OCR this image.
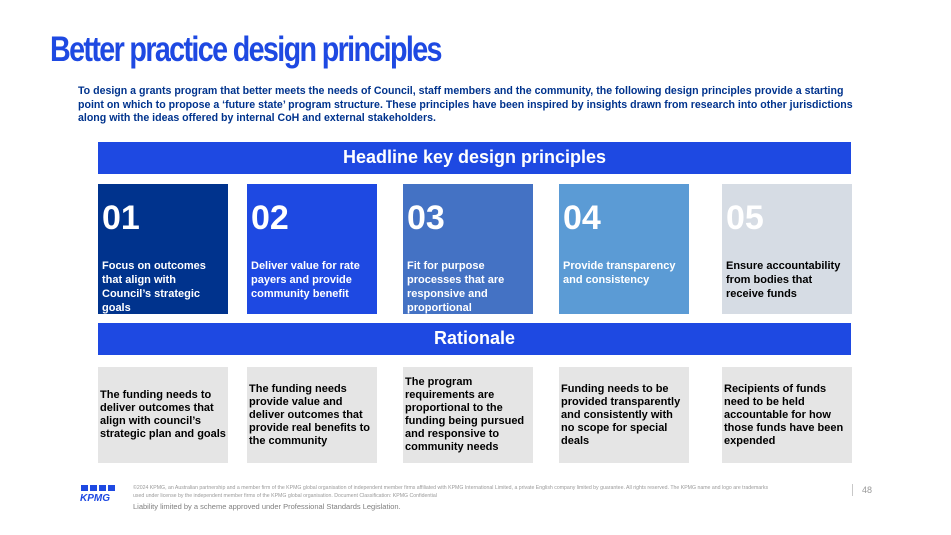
Better practice design principles
To design a grants program that better meets the needs of Council, staff members and the community, the following design principles provide a starting point on which to propose a ‘future state’ program structure. These principles have been inspired by insights drawn from research into other jurisdictions along with the ideas offered by internal CoH and external stakeholders.
Headline key design principles
01
Focus on outcomes that align with Council’s strategic goals
02
Deliver value for rate payers and provide community benefit
03
Fit for purpose processes that are responsive and proportional
04
Provide transparency and consistency
05
Ensure accountability from bodies that receive funds
Rationale
The funding needs to deliver outcomes that align with council’s strategic plan and goals
The funding needs provide value and deliver outcomes that provide real benefits to the community
The program requirements are proportional to the funding being pursued and responsive to community needs
Funding needs to be provided transparently and consistently with no scope for special deals
Recipients of funds need to be held accountable for how those funds have been expended
KPMG
©2024 KPMG, an Australian partnership and a member firm of the KPMG global organisation of independent member firms affiliated with KPMG International Limited, a private English company limited by guarantee. All rights reserved. The KPMG name and logo are trademarks used under license by the independent member firms of the KPMG global organisation. Document Classification: KPMG Confidential
Liability limited by a scheme approved under Professional Standards Legislation.
48
